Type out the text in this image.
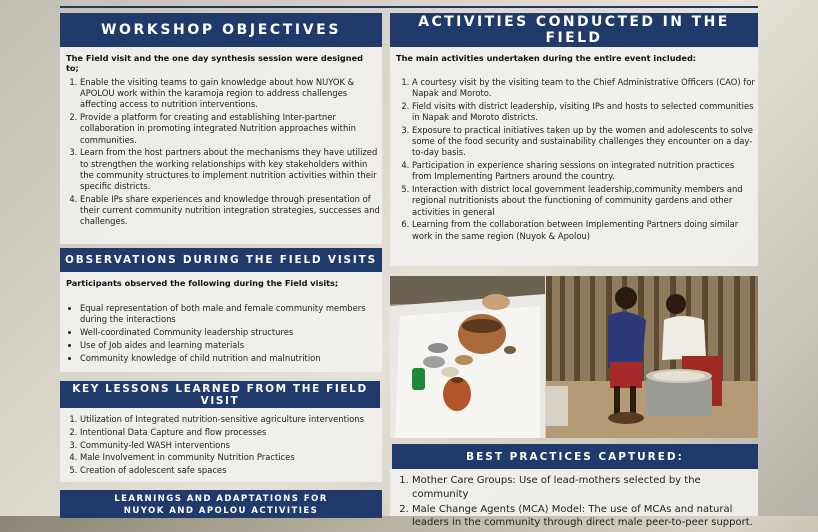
WORKSHOP OBJECTIVES
The Field visit and the one day synthesis session were designed to;
1. Enable the visiting teams to gain knowledge about how NUYOK & APOLOU work within the karamoja region to address challenges affecting access to nutrition interventions.
2. Provide a platform for creating and establishing Inter-partner collaboration in promoting integrated Nutrition approaches within communities.
3. Learn from the host partners about the mechanisms they have utilized to strengthen the working relationships with key stakeholders within the community structures to implement nutrition activities within their specific districts.
4. Enable IPs share experiences and knowledge through presentation of their current community nutrition integration strategies, successes and challenges.
OBSERVATIONS DURING THE FIELD VISITS
Participants observed the following during the Field visits;
• Equal representation of both male and female community members during the interactions
• Well-coordinated Community leadership structures
• Use of Job aides and learning materials
• Community knowledge of child nutrition and malnutrition
KEY LESSONS LEARNED FROM THE FIELD VISIT
1. Utilization of Integrated nutrition-sensitive agriculture interventions
2. Intentional Data Capture and flow processes
3. Community-led WASH interventions
4. Male Involvement in community Nutrition Practices
5. Creation of adolescent safe spaces
LEARNINGS AND ADAPTATIONS FOR NUYOK AND APOLOU ACTIVITIES
ACTIVITIES CONDUCTED IN THE FIELD
The main activities undertaken during the entire event included:
1. A courtesy visit by the visiting team to the Chief Administrative Officers (CAO) for Napak and Moroto.
2. Field visits with district leadership, visiting IPs and hosts to selected communities in Napak and Moroto districts.
3. Exposure to practical initiatives taken up by the women and adolescents to solve some of the food security and sustainability challenges they encounter on a day-to-day basis.
4. Participation in experience sharing sessions on integrated nutrition practices from Implementing Partners around the country.
5. Interaction with district local government leadership,community members and regional nutritionists about the functioning of community gardens and other activities in general
6. Learning from the collaboration between Implementing Partners doing similar work in the same region (Nuyok & Apolou)
BEST PRACTICES CAPTURED:
1. Mother Care Groups: Use of lead-mothers selected by the community
2. Male Change Agents (MCA) Model: The use of MCAs and natural leaders in the community through direct male peer-to-peer support.
